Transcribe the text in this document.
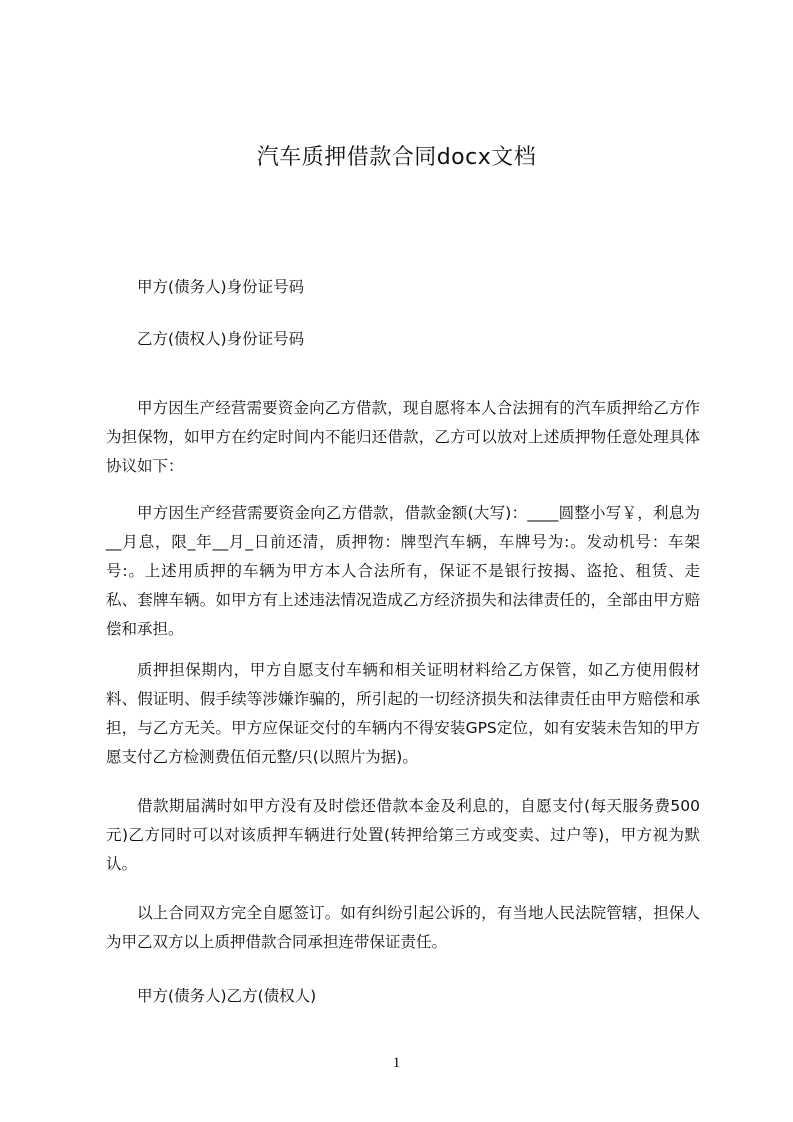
汽车质押借款合同docx文档

甲方(债务人)身份证号码

乙方(债权人)身份证号码

甲方因生产经营需要资金向乙方借款，现自愿将本人合法拥有的汽车质押给乙方作为担保物，如甲方在约定时间内不能归还借款，乙方可以放对上述质押物任意处理具体协议如下：

甲方因生产经营需要资金向乙方借款，借款金额(大写)：____圆整小写￥，利息为__月息，限_年__月_日前还清，质押物：牌型汽车辆，车牌号为:。发动机号：车架号:。上述用质押的车辆为甲方本人合法所有，保证不是银行按揭、盗抢、租赁、走私、套牌车辆。如甲方有上述违法情况造成乙方经济损失和法律责任的，全部由甲方赔偿和承担。

质押担保期内，甲方自愿支付车辆和相关证明材料给乙方保管，如乙方使用假材料、假证明、假手续等涉嫌诈骗的，所引起的一切经济损失和法律责任由甲方赔偿和承担，与乙方无关。甲方应保证交付的车辆内不得安装GPS定位，如有安装未告知的甲方愿支付乙方检测费伍佰元整/只(以照片为据)。

借款期届满时如甲方没有及时偿还借款本金及利息的，自愿支付(每天服务费500元)乙方同时可以对该质押车辆进行处置(转押给第三方或变卖、过户等)，甲方视为默认。

以上合同双方完全自愿签订。如有纠纷引起公诉的，有当地人民法院管辖，担保人为甲乙双方以上质押借款合同承担连带保证责任。

甲方(债务人)乙方(债权人)

1
